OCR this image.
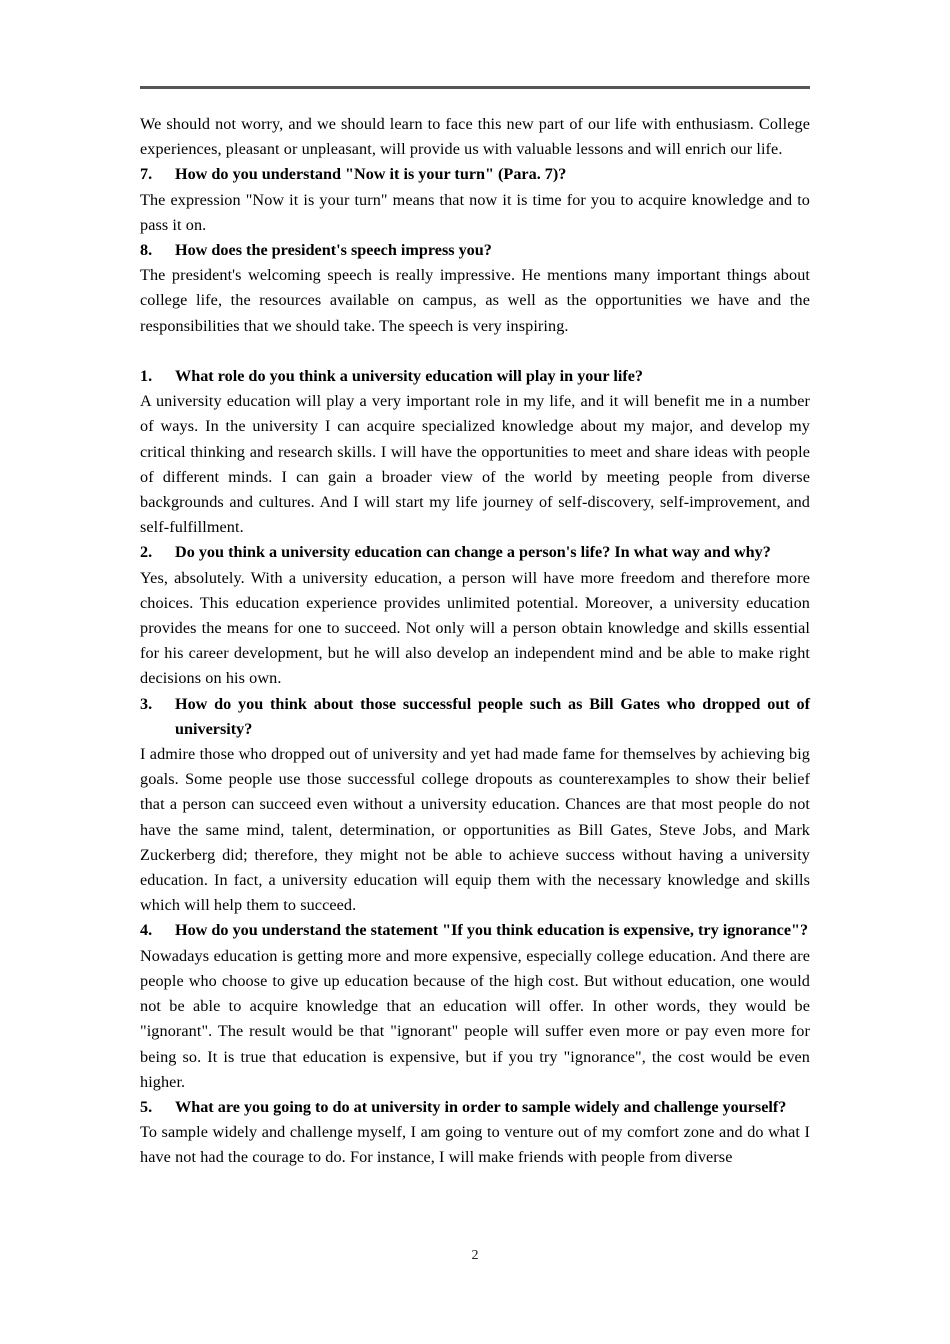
We should not worry, and we should learn to face this new part of our life with enthusiasm. College experiences, pleasant or unpleasant, will provide us with valuable lessons and will enrich our life.

7. How do you understand "Now it is your turn" (Para. 7)?

The expression "Now it is your turn" means that now it is time for you to acquire knowledge and to pass it on.

8. How does the president's speech impress you?

The president's welcoming speech is really impressive. He mentions many important things about college life, the resources available on campus, as well as the opportunities we have and the responsibilities that we should take. The speech is very inspiring.

1. What role do you think a university education will play in your life?

A university education will play a very important role in my life, and it will benefit me in a number of ways. In the university I can acquire specialized knowledge about my major, and develop my critical thinking and research skills. I will have the opportunities to meet and share ideas with people of different minds. I can gain a broader view of the world by meeting people from diverse backgrounds and cultures. And I will start my life journey of self-discovery, self-improvement, and self-fulfillment.

2. Do you think a university education can change a person's life? In what way and why?

Yes, absolutely. With a university education, a person will have more freedom and therefore more choices. This education experience provides unlimited potential. Moreover, a university education provides the means for one to succeed. Not only will a person obtain knowledge and skills essential for his career development, but he will also develop an independent mind and be able to make right decisions on his own.

3. How do you think about those successful people such as Bill Gates who dropped out of university?

I admire those who dropped out of university and yet had made fame for themselves by achieving big goals. Some people use those successful college dropouts as counterexamples to show their belief that a person can succeed even without a university education. Chances are that most people do not have the same mind, talent, determination, or opportunities as Bill Gates, Steve Jobs, and Mark Zuckerberg did; therefore, they might not be able to achieve success without having a university education. In fact, a university education will equip them with the necessary knowledge and skills which will help them to succeed.

4. How do you understand the statement "If you think education is expensive, try ignorance"?

Nowadays education is getting more and more expensive, especially college education. And there are people who choose to give up education because of the high cost. But without education, one would not be able to acquire knowledge that an education will offer. In other words, they would be "ignorant". The result would be that "ignorant" people will suffer even more or pay even more for being so. It is true that education is expensive, but if you try "ignorance", the cost would be even higher.

5. What are you going to do at university in order to sample widely and challenge yourself?

To sample widely and challenge myself, I am going to venture out of my comfort zone and do what I have not had the courage to do. For instance, I will make friends with people from diverse

2
